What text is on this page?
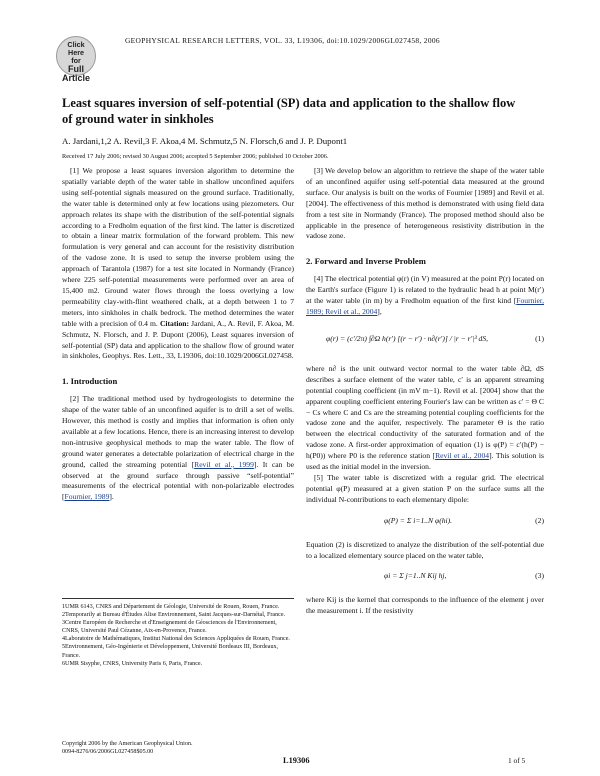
Click
Here
for
Full
Article
GEOPHYSICAL RESEARCH LETTERS, VOL. 33, L19306, doi:10.1029/2006GL027458, 2006
Least squares inversion of self-potential (SP) data and application to the shallow flow of ground water in sinkholes
A. Jardani,1,2 A. Revil,3 F. Akoa,4 M. Schmutz,5 N. Florsch,6 and J. P. Dupont1
Received 17 July 2006; revised 30 August 2006; accepted 5 September 2006; published 10 October 2006.

[1] We propose a least squares inversion algorithm to determine the spatially variable depth of the water table in shallow unconfined aquifers using self-potential signals measured on the ground surface. Traditionally, the water table is determined only at few locations using piezometers. Our approach relates its shape with the distribution of the self-potential signals according to a Fredholm equation of the first kind. The latter is discretized to obtain a linear matrix formulation of the forward problem. This new formulation is very general and can account for the resistivity distribution of the vadose zone. It is used to setup the inverse problem using the approach of Tarantola (1987) for a test site located in Normandy (France) where 225 self-potential measurements were performed over an area of 15,400 m2. Ground water flows through the loess overlying a low permeability clay-with-flint weathered chalk, at a depth between 1 to 7 meters, into sinkholes in chalk bedrock. The method determines the water table with a precision of 0.4 m. Citation: Jardani, A., A. Revil, F. Akoa, M. Schmutz, N. Florsch, and J. P. Dupont (2006), Least squares inversion of self-potential (SP) data and application to the shallow flow of ground water in sinkholes, Geophys. Res. Lett., 33, L19306, doi:10.1029/2006GL027458.

1. Introduction

[2] The traditional method used by hydrogeologists to determine the shape of the water table of an unconfined aquifer is to drill a set of wells. However, this method is costly and implies that information is often only available at a few locations. Hence, there is an increasing interest to develop non-intrusive geophysical methods to map the water table. The flow of ground water generates a detectable polarization of electrical charge in the ground, called the streaming potential [Revil et al., 1999]. It can be observed at the ground surface through passive “self-potential” measurements of the electrical potential with non-polarizable electrodes [Fournier, 1989].

1UMR 6143, CNRS and Département de Géologie, Université de Rouen, Rouen, France.
2Temporarily at Bureau d'Études Alise Environnement, Saint Jacques-sur-Darnétal, France.
3Centre Européen de Recherche et d'Enseignement de Géosciences de l'Environnement, CNRS, Université Paul Cézanne, Aix-en-Provence, France.
4Laboratoire de Mathématiques, Institut National des Sciences Appliquées de Rouen, France.
5Environnement, Géo-Ingénierie et Développement, Université Bordeaux III, Bordeaux, France.
6UMR Sisyphe, CNRS, University Paris 6, Paris, France.
Copyright 2006 by the American Geophysical Union.
0094-8276/06/2006GL027458$05.00

[3] We develop below an algorithm to retrieve the shape of the water table of an unconfined aquifer using self-potential data measured at the ground surface. Our analysis is built on the works of Fournier [1989] and Revil et al. [2004]. The effectiveness of this method is demonstrated with using field data from a test site in Normandy (France). The proposed method should also be applicable in the presence of heterogeneous resistivity distribution in the vadose zone.

2. Forward and Inverse Problem

[4] The electrical potential φ(r) (in V) measured at the point P(r) located on the Earth's surface (Figure 1) is related to the hydraulic head h at point M(r′) at the water table (in m) by a Fredholm equation of the first kind [Fournier, 1989; Revil et al., 2004],

φ(r) = (c′/2π) ∫∂Ω h(r′) [(r − r′) · n∂(r′)] / |r − r′|³ dS,	(1)

where n∂ is the unit outward vector normal to the water table ∂Ω, dS describes a surface element of the water table, c′ is an apparent streaming potential coupling coefficient (in mV m−1). Revil et al. [2004] show that the apparent coupling coefficient entering Fourier's law can be written as c′ = Θ C − Cs where C and Cs are the streaming potential coupling coefficients for the vadose zone and the aquifer, respectively. The parameter Θ is the ratio between the electrical conductivity of the saturated formation and of the vadose zone. A first-order approximation of equation (1) is φ(P) = c′(h(P) − h(P0)) where P0 is the reference station [Revil et al., 2004]. This solution is used as the initial model in the inversion.

[5] The water table is discretized with a regular grid. The electrical potential φ(P) measured at a given station P on the surface sums all the individual N-contributions to each elementary dipole:

φ(P) = Σ i=1..N φ(hi).	(2)

Equation (2) is discretized to analyze the distribution of the self-potential due to a localized elementary source placed on the water table,

φi = Σ j=1..N Kij hj,	(3)

where Kij is the kernel that corresponds to the influence of the element j over the measurement i. If the resistivity

L19306	1 of 5
